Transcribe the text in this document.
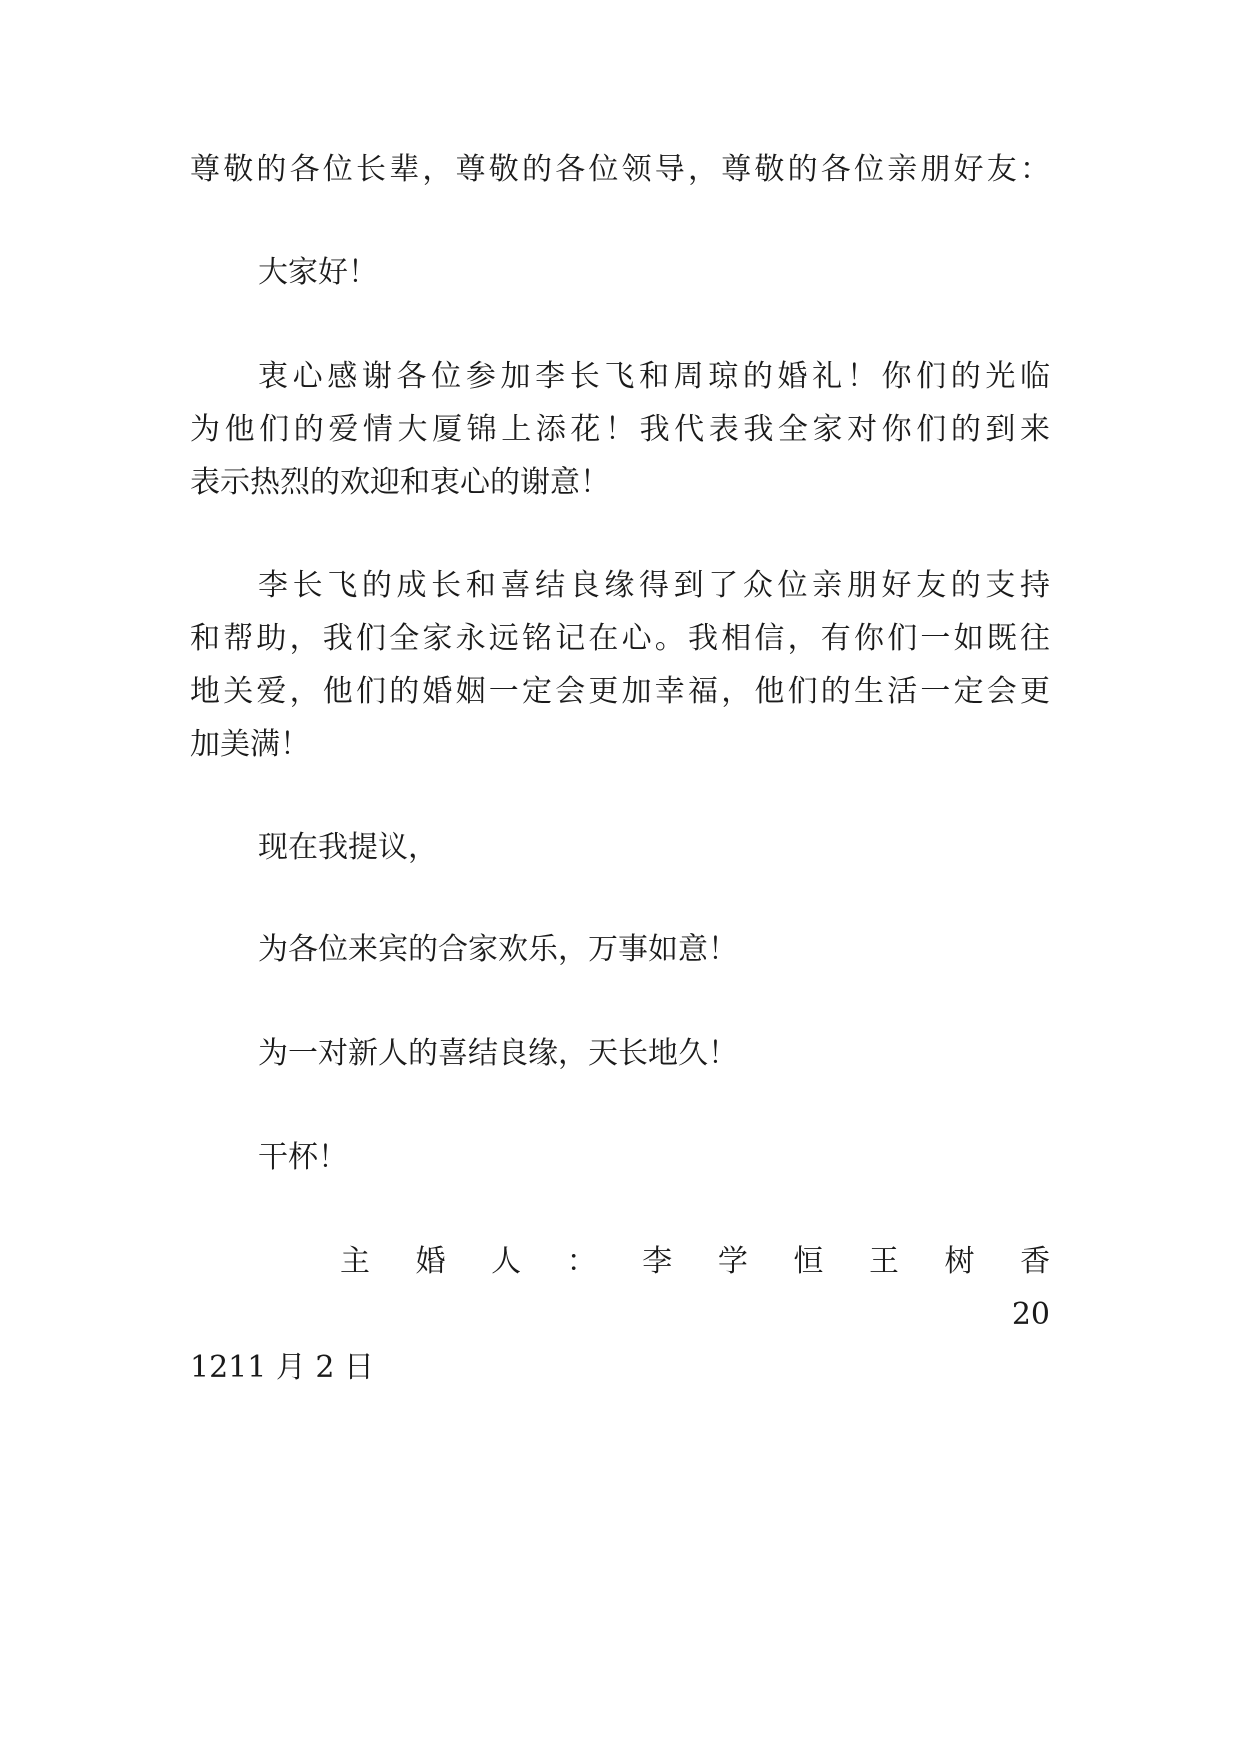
尊敬的各位长辈，尊敬的各位领导，尊敬的各位亲朋好友：
大家好！
衷心感谢各位参加李长飞和周琼的婚礼！你们的光临
为他们的爱情大厦锦上添花！我代表我全家对你们的到来
表示热烈的欢迎和衷心的谢意！
李长飞的成长和喜结良缘得到了众位亲朋好友的支持
和帮助，我们全家永远铭记在心。我相信，有你们一如既往
地关爱，他们的婚姻一定会更加幸福，他们的生活一定会更
加美满！
现在我提议，
为各位来宾的合家欢乐，万事如意！
为一对新人的喜结良缘，天长地久！
干杯！
主 婚 人 ： 李 学 恒 王 树 香
20
1211 月 2 日
